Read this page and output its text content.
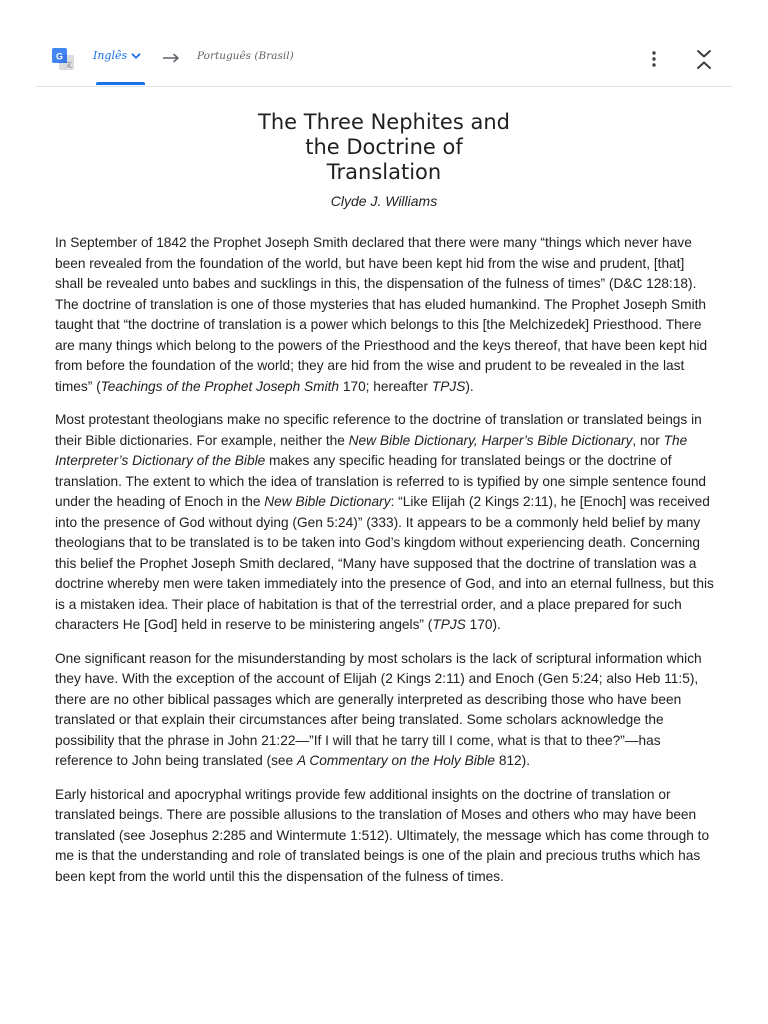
G
文
Inglês	Português (Brasil)
The Three Nephites and
the Doctrine of
Translation
Clyde J. Williams

In September of 1842 the Prophet Joseph Smith declared that there were many “things which never have been revealed from the foundation of the world, but have been kept hid from the wise and prudent, [that] shall be revealed unto babes and sucklings in this, the dispensation of the fulness of times” (D&C 128:18). The doctrine of translation is one of those mysteries that has eluded humankind. The Prophet Joseph Smith taught that “the doctrine of translation is a power which belongs to this [the Melchizedek] Priesthood. There are many things which belong to the powers of the Priesthood and the keys thereof, that have been kept hid from before the foundation of the world; they are hid from the wise and prudent to be revealed in the last times” (Teachings of the Prophet Joseph Smith 170; hereafter TPJS).

Most protestant theologians make no specific reference to the doctrine of translation or translated beings in their Bible dictionaries. For example, neither the New Bible Dictionary, Harper’s Bible Dictionary, nor The Interpreter’s Dictionary of the Bible makes any specific heading for translated beings or the doctrine of translation. The extent to which the idea of translation is referred to is typified by one simple sentence found under the heading of Enoch in the New Bible Dictionary: “Like Elijah (2 Kings 2:11), he [Enoch] was received into the presence of God without dying (Gen 5:24)” (333). It appears to be a commonly held belief by many theologians that to be translated is to be taken into God’s kingdom without experiencing death. Concerning this belief the Prophet Joseph Smith declared, “Many have supposed that the doctrine of translation was a doctrine whereby men were taken immediately into the presence of God, and into an eternal fullness, but this is a mistaken idea. Their place of habitation is that of the terrestrial order, and a place prepared for such characters He [God] held in reserve to be ministering angels” (TPJS 170).

One significant reason for the misunderstanding by most scholars is the lack of scriptural information which they have. With the exception of the account of Elijah (2 Kings 2:11) and Enoch (Gen 5:24; also Heb 11:5), there are no other biblical passages which are generally interpreted as describing those who have been translated or that explain their circumstances after being translated. Some scholars acknowledge the possibility that the phrase in John 21:22—”If I will that he tarry till I come, what is that to thee?”—has reference to John being translated (see A Commentary on the Holy Bible 812).

Early historical and apocryphal writings provide few additional insights on the doctrine of translation or translated beings. There are possible allusions to the translation of Moses and others who may have been translated (see Josephus 2:285 and Wintermute 1:512). Ultimately, the message which has come through to me is that the understanding and role of translated beings is one of the plain and precious truths which has been kept from the world until this the dispensation of the fulness of times.
